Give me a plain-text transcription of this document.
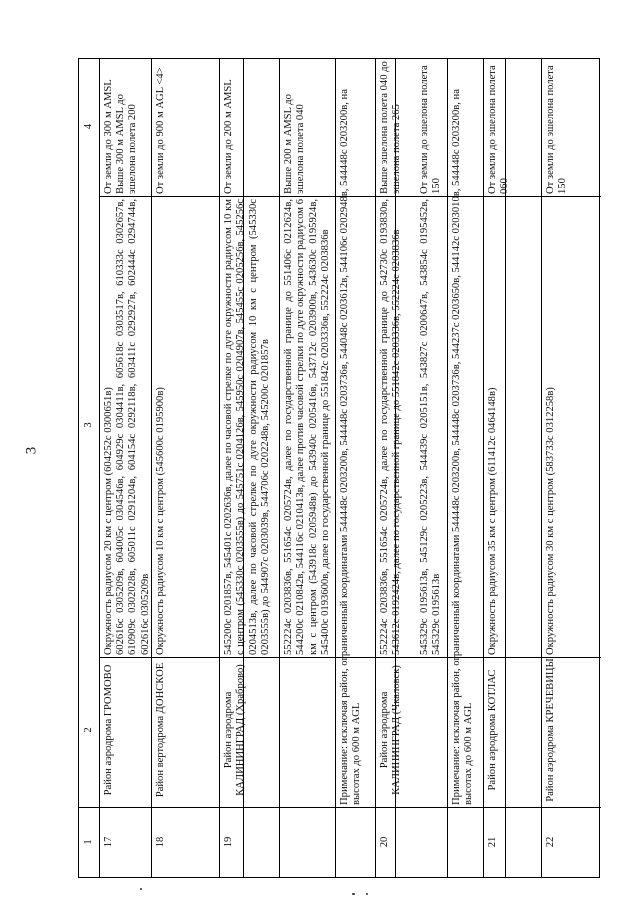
3
1
2
3
4
17
Район аэродрома ГРОМОВО
Окружность радиусом 20 км с центром (604252с 0300651в)
От земли до 300 м AMSL
602616с 0305209в, 604005с 0304546в, 604929с 0304411в, 605618с 0303517в, 610333с 0302657в, 610909с 0302028в, 605011с 0291204в, 604154с 0292118в, 603411с 0292927в, 602444с 0294744в, 602616с 0305209в
Выше 300 м AMSL до эшелона полета 200
18
Район вертодрома ДОНСКОЕ
Окружность радиусом 10 км с центром (545600с 0195900в)
От земли до 900 м AGL <4>
19
Район аэродрома КАЛИНИНГРАД (Храброво)
545200с 0201857в, 545401с 0202636в, далее по часовой стрелке по дуге окружности радиусом 10 км с центром (545330с 0203555в) до 545751с 0204126в, 545950с 0204907в, 545455с 0205256в, 545256с 0204513в, далее по часовой стрелке по дуге окружности радиусом 10 км с центром (545330с 0203555в) до 544907с 0203039в, 544706с 0202248в, 545200с 0201857в
От земли до 200 м AMSL
552224с 0203836в, 551654с 0205724в, далее по государственной границе до 551406с 0212624в, 544200с 0210842в, 544116с 0210413в, далее против часовой стрелки по дуге окружности радиусом 6 км с центром (543918с 0205948в) до 543940с 0205416в, 543712с 0203900в, 543630с 0195924в, 545400с 0193600в, далее по государственной границе до 551842с 0203336в, 552224с 0203836в
Выше 200 м AMSL до эшелона полета 040	Примечание: исключая район, ограниченный координатами 544448с 0203200в, 544448с 0203736в, 544048с 0203612в, 544106с 0202948в, 544448с 0203200в, на высотах до 600 м AGL
20
Район аэродрома КАЛИНИНГРАД (Чкаловск)
552224с 0203836в, 551654с 0205724в, далее по государственной границе до 542730с 0193830в, 543612с 0192424в, далее по государственной границе до 551842с 0203336в, 552224с 0203836в
Выше эшелона полета 040 до эшелона полета 265
545329с 0195613в, 545129с 0205223в, 544439с 0205151в, 543827с 0200647в, 543854с 0195452в, 545329с 0195613в
От земли до эшелона полета 150 Примечание: исключая район, ограниченный координатами 544448с 0203200в, 544448с 0203736в, 544237с 0203650в, 544142с 0203010в, 544448с 0203200в, на высотах до 600 м AGL
21
Район аэродрома КОТЛАС
Окружность радиусом 35 км с центром (611412с 0464148в)
От земли до эшелона полета 060
22
Район аэродрома КРЕЧЕВИЦЫ
Окружность радиусом 30 км с центром (583733с 0312258в)
От земли до эшелона полета 150
